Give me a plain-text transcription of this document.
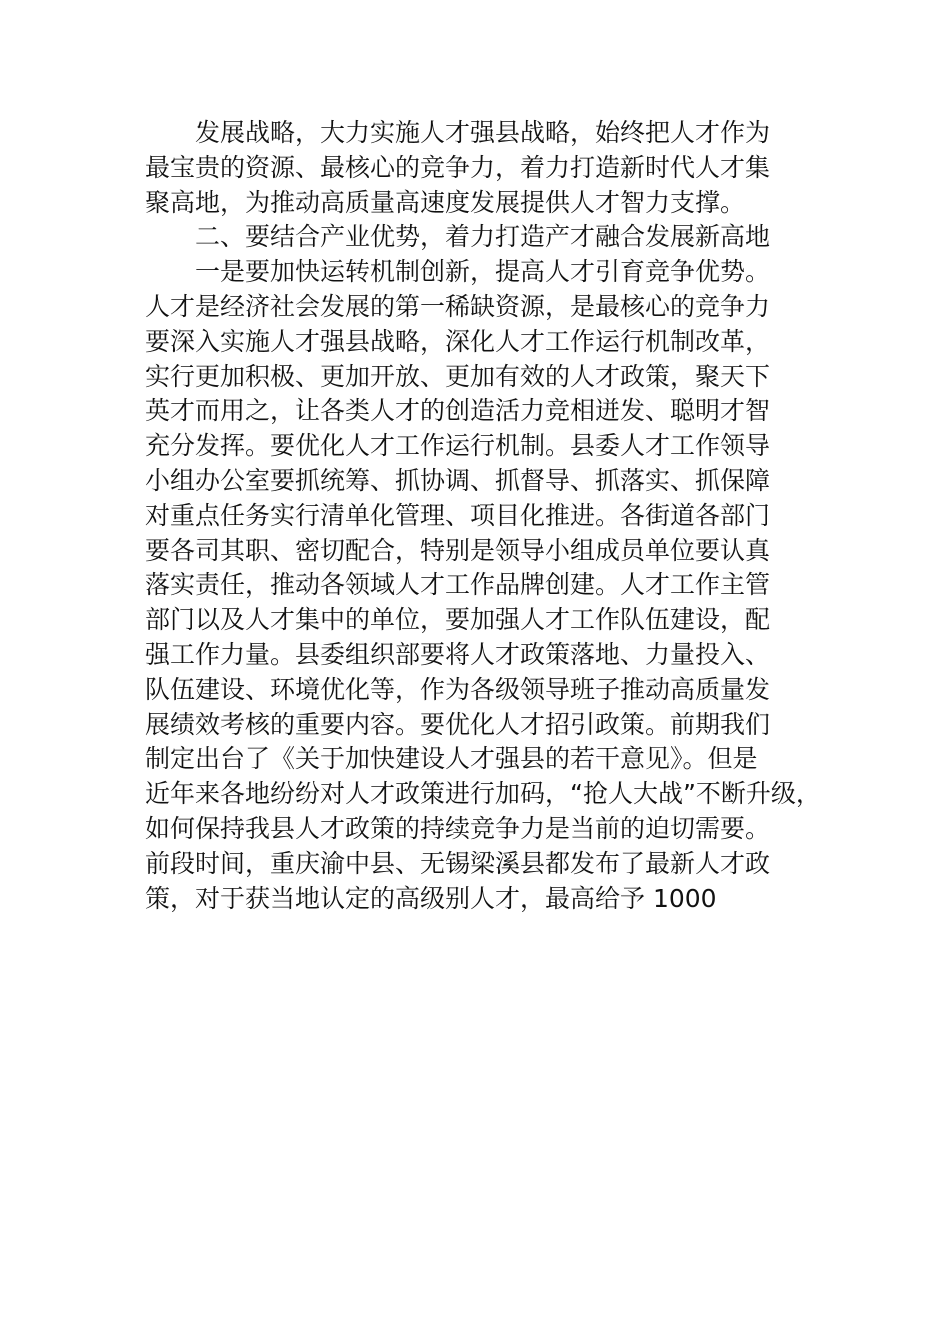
发展战略，大力实施人才强县战略，始终把人才作为
最宝贵的资源、最核心的竞争力，着力打造新时代人才集
聚高地，为推动高质量高速度发展提供人才智力支撑。
二、要结合产业优势，着力打造产才融合发展新高地
一是要加快运转机制创新，提高人才引育竞争优势。
人才是经济社会发展的第一稀缺资源，是最核心的竞争力
要深入实施人才强县战略，深化人才工作运行机制改革，
实行更加积极、更加开放、更加有效的人才政策，聚天下
英才而用之，让各类人才的创造活力竞相迸发、聪明才智
充分发挥。要优化人才工作运行机制。县委人才工作领导
小组办公室要抓统筹、抓协调、抓督导、抓落实、抓保障
对重点任务实行清单化管理、项目化推进。各街道各部门
要各司其职、密切配合，特别是领导小组成员单位要认真
落实责任，推动各领域人才工作品牌创建。人才工作主管
部门以及人才集中的单位，要加强人才工作队伍建设，配
强工作力量。县委组织部要将人才政策落地、力量投入、
队伍建设、环境优化等，作为各级领导班子推动高质量发
展绩效考核的重要内容。要优化人才招引政策。前期我们
制定出台了《关于加快建设人才强县的若干意见》。但是
近年来各地纷纷对人才政策进行加码，“抢人大战”不断升级，
如何保持我县人才政策的持续竞争力是当前的迫切需要。
前段时间，重庆渝中县、无锡梁溪县都发布了最新人才政
策，对于获当地认定的高级别人才，最高给予 1000
